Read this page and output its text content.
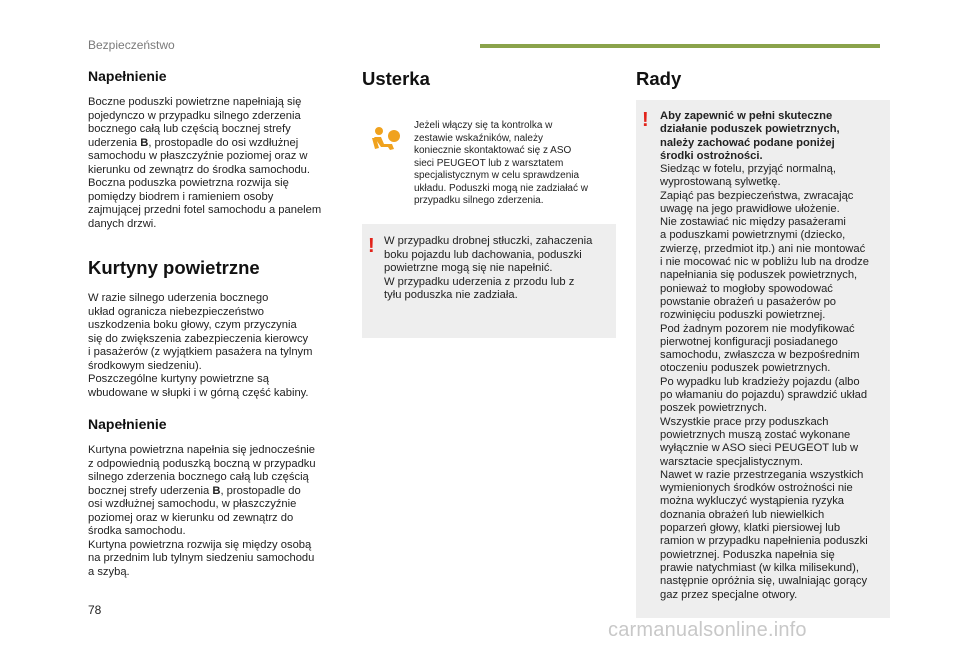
Bezpieczeństwo
Napełnienie

Boczne poduszki powietrzne napełniają się
pojedynczo w przypadku silnego zderzenia
bocznego całą lub częścią bocznej strefy
uderzenia B, prostopadle do osi wzdłużnej
samochodu w płaszczyźnie poziomej oraz w
kierunku od zewnątrz do środka samochodu.
Boczna poduszka powietrzna rozwija się
pomiędzy biodrem i ramieniem osoby
zajmującej przedni fotel samochodu a panelem
danych drzwi.

Kurtyny powietrzne

W razie silnego uderzenia bocznego
układ ogranicza niebezpieczeństwo
uszkodzenia boku głowy, czym przyczynia
się do zwiększenia zabezpieczenia kierowcy
i pasażerów (z wyjątkiem pasażera na tylnym
środkowym siedzeniu).
Poszczególne kurtyny powietrzne są
wbudowane w słupki i w górną część kabiny.

Napełnienie

Kurtyna powietrzna napełnia się jednocześnie
z odpowiednią poduszką boczną w przypadku
silnego zderzenia bocznego całą lub częścią
bocznej strefy uderzenia B, prostopadle do
osi wzdłużnej samochodu, w płaszczyźnie
poziomej oraz w kierunku od zewnątrz do
środka samochodu.
Kurtyna powietrzna rozwija się między osobą
na przednim lub tylnym siedzeniu samochodu
a szybą.

Usterka

Jeżeli włączy się ta kontrolka w
zestawie wskaźników, należy
koniecznie skontaktować się z ASO
sieci PEUGEOT lub z warsztatem
specjalistycznym w celu sprawdzenia
układu. Poduszki mogą nie zadziałać w
przypadku silnego zderzenia.

! W przypadku drobnej stłuczki, zahaczenia
boku pojazdu lub dachowania, poduszki
powietrzne mogą się nie napełnić.
W przypadku uderzenia z przodu lub z
tyłu poduszka nie zadziała.

Rady
! Aby zapewnić w pełni skuteczne
działanie poduszek powietrznych,
należy zachować podane poniżej
środki ostrożności.

Siedząc w fotelu, przyjąć normalną,
wyprostowaną sylwetkę.
Zapiąć pas bezpieczeństwa, zwracając
uwagę na jego prawidłowe ułożenie.
Nie zostawiać nic między pasażerami
a poduszkami powietrznymi (dziecko,
zwierzę, przedmiot itp.) ani nie montować
i nie mocować nic w pobliżu lub na drodze
napełniania się poduszek powietrznych,
ponieważ to mogłoby spowodować
powstanie obrażeń u pasażerów po
rozwinięciu poduszki powietrznej.
Pod żadnym pozorem nie modyfikować
pierwotnej konfiguracji posiadanego
samochodu, zwłaszcza w bezpośrednim
otoczeniu poduszek powietrznych.
Po wypadku lub kradzieży pojazdu (albo
po włamaniu do pojazdu) sprawdzić układ
poszek powietrznych.
Wszystkie prace przy poduszkach
powietrznych muszą zostać wykonane
wyłącznie w ASO sieci PEUGEOT lub w
warsztacie specjalistycznym.
Nawet w razie przestrzegania wszystkich
wymienionych środków ostrożności nie
można wykluczyć wystąpienia ryzyka
doznania obrażeń lub niewielkich
poparzeń głowy, klatki piersiowej lub
ramion w przypadku napełnienia poduszki
powietrznej. Poduszka napełnia się
prawie natychmiast (w kilka milisekund),
następnie opróżnia się, uwalniając gorący
gaz przez specjalne otwory.

78
carmanualsonline.info
